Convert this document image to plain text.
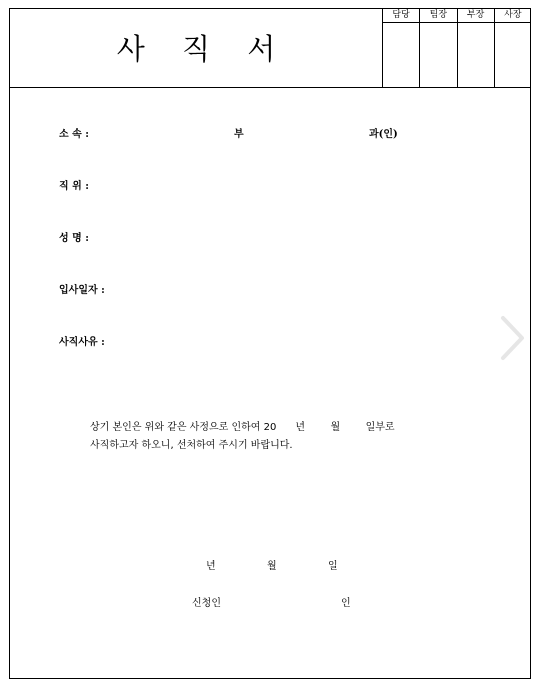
사 직 서
담당	팀장	부장	사장
소 속 :	부	과(인)
직 위 :
성 명 :
입사일자 :
사직사유 :
상기 본인은 위와 같은 사정으로 인하여 20      년        월        일부로
사직하고자 하오니, 선처하여 주시기 바랍니다.
년	월	일
신청인	인
